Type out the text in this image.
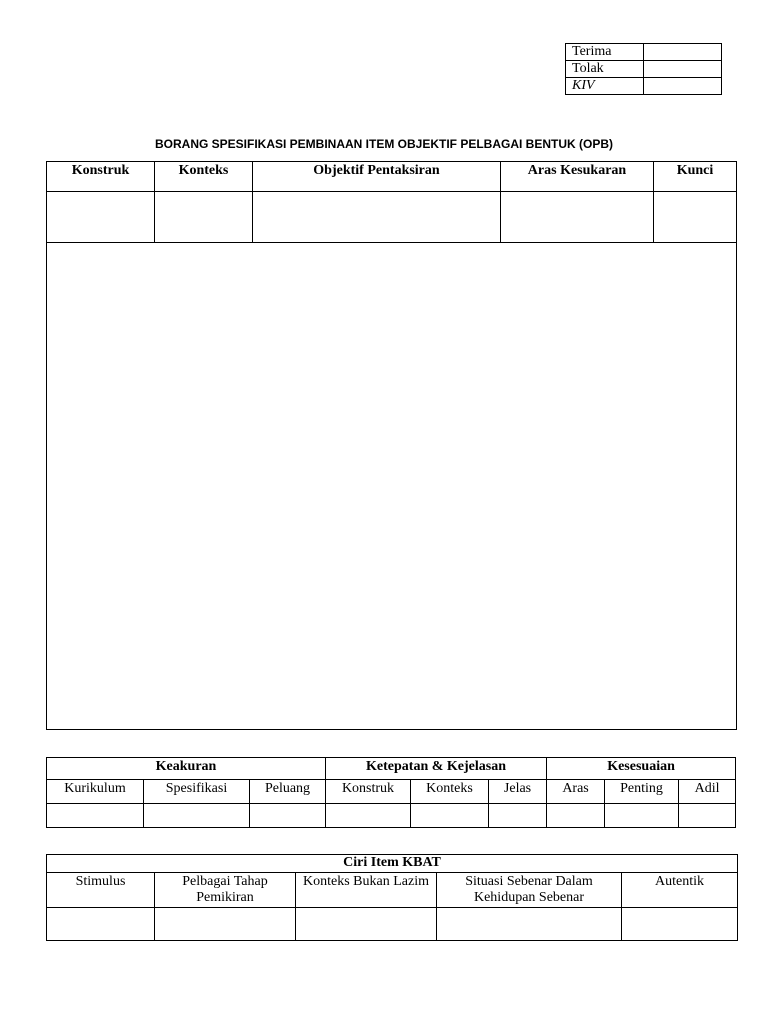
Terima	
Tolak	
KIV	
BORANG SPESIFIKASI PEMBINAAN ITEM OBJEKTIF PELBAGAI BENTUK (OPB)
Konstruk	Konteks	Objektif Pentaksiran	Aras Kesukaran	Kunci

Keakuran			Ketepatan & Kejelasan			Kesesuaian		
Kurikulum	Spesifikasi	Peluang	Konstruk	Konteks	Jelas	Aras	Penting	Adil

Ciri Item KBAT				
Stimulus	Pelbagai Tahap Pemikiran	Konteks Bukan Lazim	Situasi Sebenar Dalam Kehidupan Sebenar	Autentik
